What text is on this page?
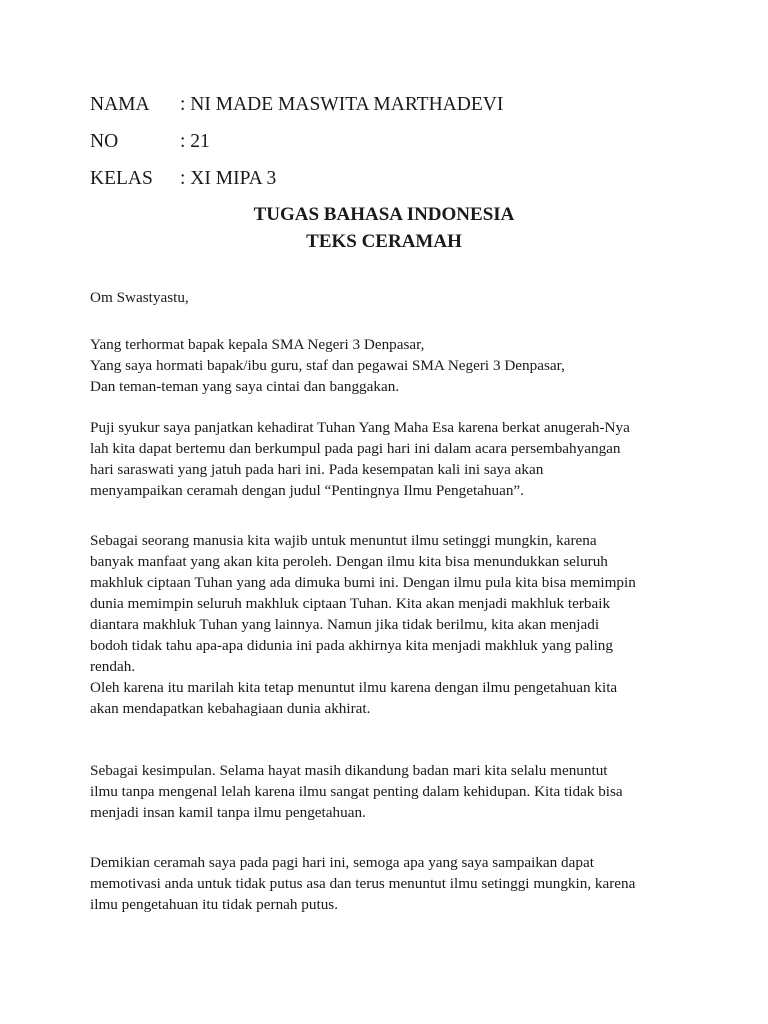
NAMA : NI MADE MASWITA MARTHADEVI
NO	: 21
KELAS : XI MIPA 3
TUGAS BAHASA INDONESIA
TEKS CERAMAH
Om Swastyastu,
Yang terhormat bapak kepala SMA Negeri 3 Denpasar,
Yang saya hormati bapak/ibu guru, staf dan pegawai SMA Negeri 3 Denpasar,
Dan teman-teman yang saya cintai dan banggakan.
Puji syukur saya panjatkan kehadirat Tuhan Yang Maha Esa karena berkat anugerah-Nya
lah kita dapat bertemu dan berkumpul pada pagi hari ini dalam acara persembahyangan
hari saraswati yang jatuh pada hari ini. Pada kesempatan kali ini saya akan
menyampaikan ceramah dengan judul “Pentingnya Ilmu Pengetahuan”.
Sebagai seorang manusia kita wajib untuk menuntut ilmu setinggi mungkin, karena
banyak manfaat yang akan kita peroleh. Dengan ilmu kita bisa menundukkan seluruh
makhluk ciptaan Tuhan yang ada dimuka bumi ini. Dengan ilmu pula kita bisa memimpin
dunia memimpin seluruh makhluk ciptaan Tuhan. Kita akan menjadi makhluk terbaik
diantara makhluk Tuhan yang lainnya. Namun jika tidak berilmu, kita akan menjadi
bodoh tidak tahu apa-apa didunia ini pada akhirnya kita menjadi makhluk yang paling
rendah.
Oleh karena itu marilah kita tetap menuntut ilmu karena dengan ilmu pengetahuan kita
akan mendapatkan kebahagiaan dunia akhirat.
Sebagai kesimpulan. Selama hayat masih dikandung badan mari kita selalu menuntut
ilmu tanpa mengenal lelah karena ilmu sangat penting dalam kehidupan. Kita tidak bisa
menjadi insan kamil tanpa ilmu pengetahuan.
Demikian ceramah saya pada pagi hari ini, semoga apa yang saya sampaikan dapat
memotivasi anda untuk tidak putus asa dan terus menuntut ilmu setinggi mungkin, karena
ilmu pengetahuan itu tidak pernah putus.
